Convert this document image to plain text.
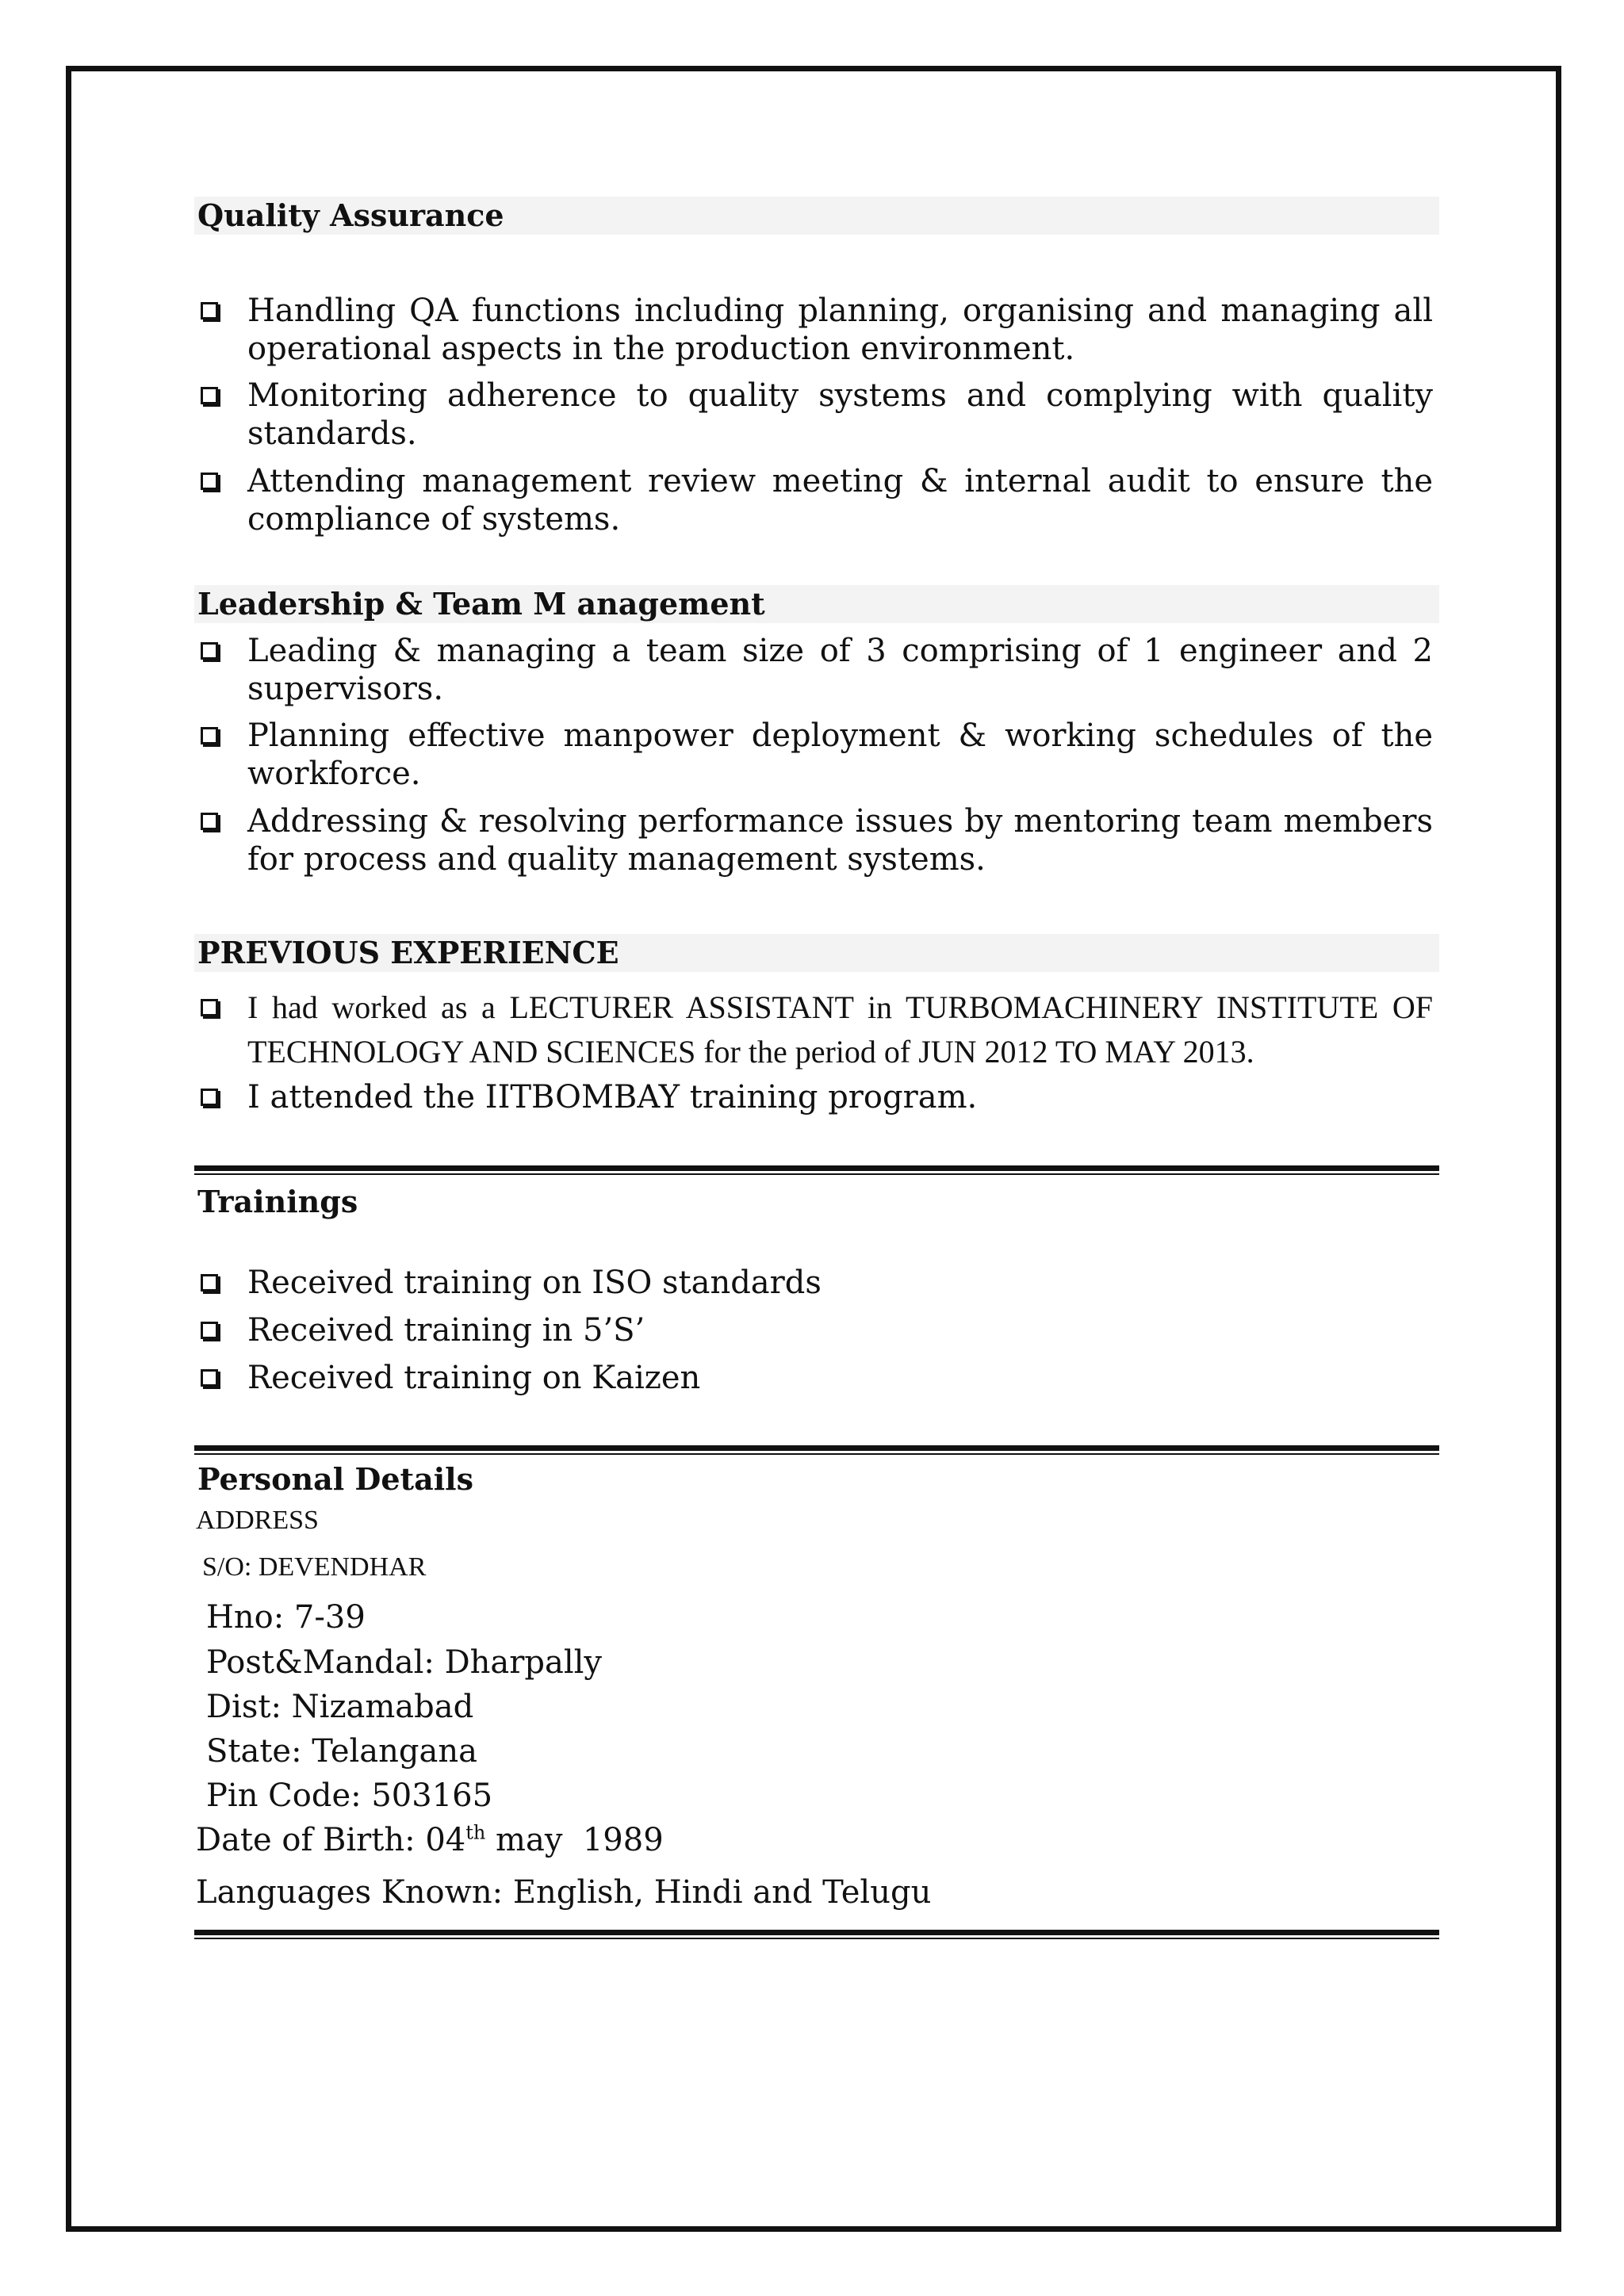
Quality Assurance
Handling QA functions including planning, organising and managing all operational aspects in the production environment.
Monitoring adherence to quality systems and complying with quality standards.
Attending management review meeting & internal audit to ensure the compliance of systems.
Leadership & Team M anagement
Leading & managing a team size of 3 comprising of 1 engineer and 2 supervisors.
Planning effective manpower deployment & working schedules of the workforce.
Addressing & resolving performance issues by mentoring team members for process and quality management systems.
PREVIOUS EXPERIENCE
I had worked as a LECTURER ASSISTANT in TURBOMACHINERY INSTITUTE OF TECHNOLOGY AND SCIENCES for the period of JUN 2012 TO MAY 2013.
I attended the IITBOMBAY training program.
Trainings
Received training on ISO standards
Received training in 5’S’
Received training on Kaizen
Personal Details
ADDRESS
S/O: DEVENDHAR
Hno: 7-39
Post&Mandal: Dharpally
Dist: Nizamabad
State: Telangana
Pin Code: 503165
Date of Birth: 04th may  1989
Languages Known: English, Hindi and Telugu
